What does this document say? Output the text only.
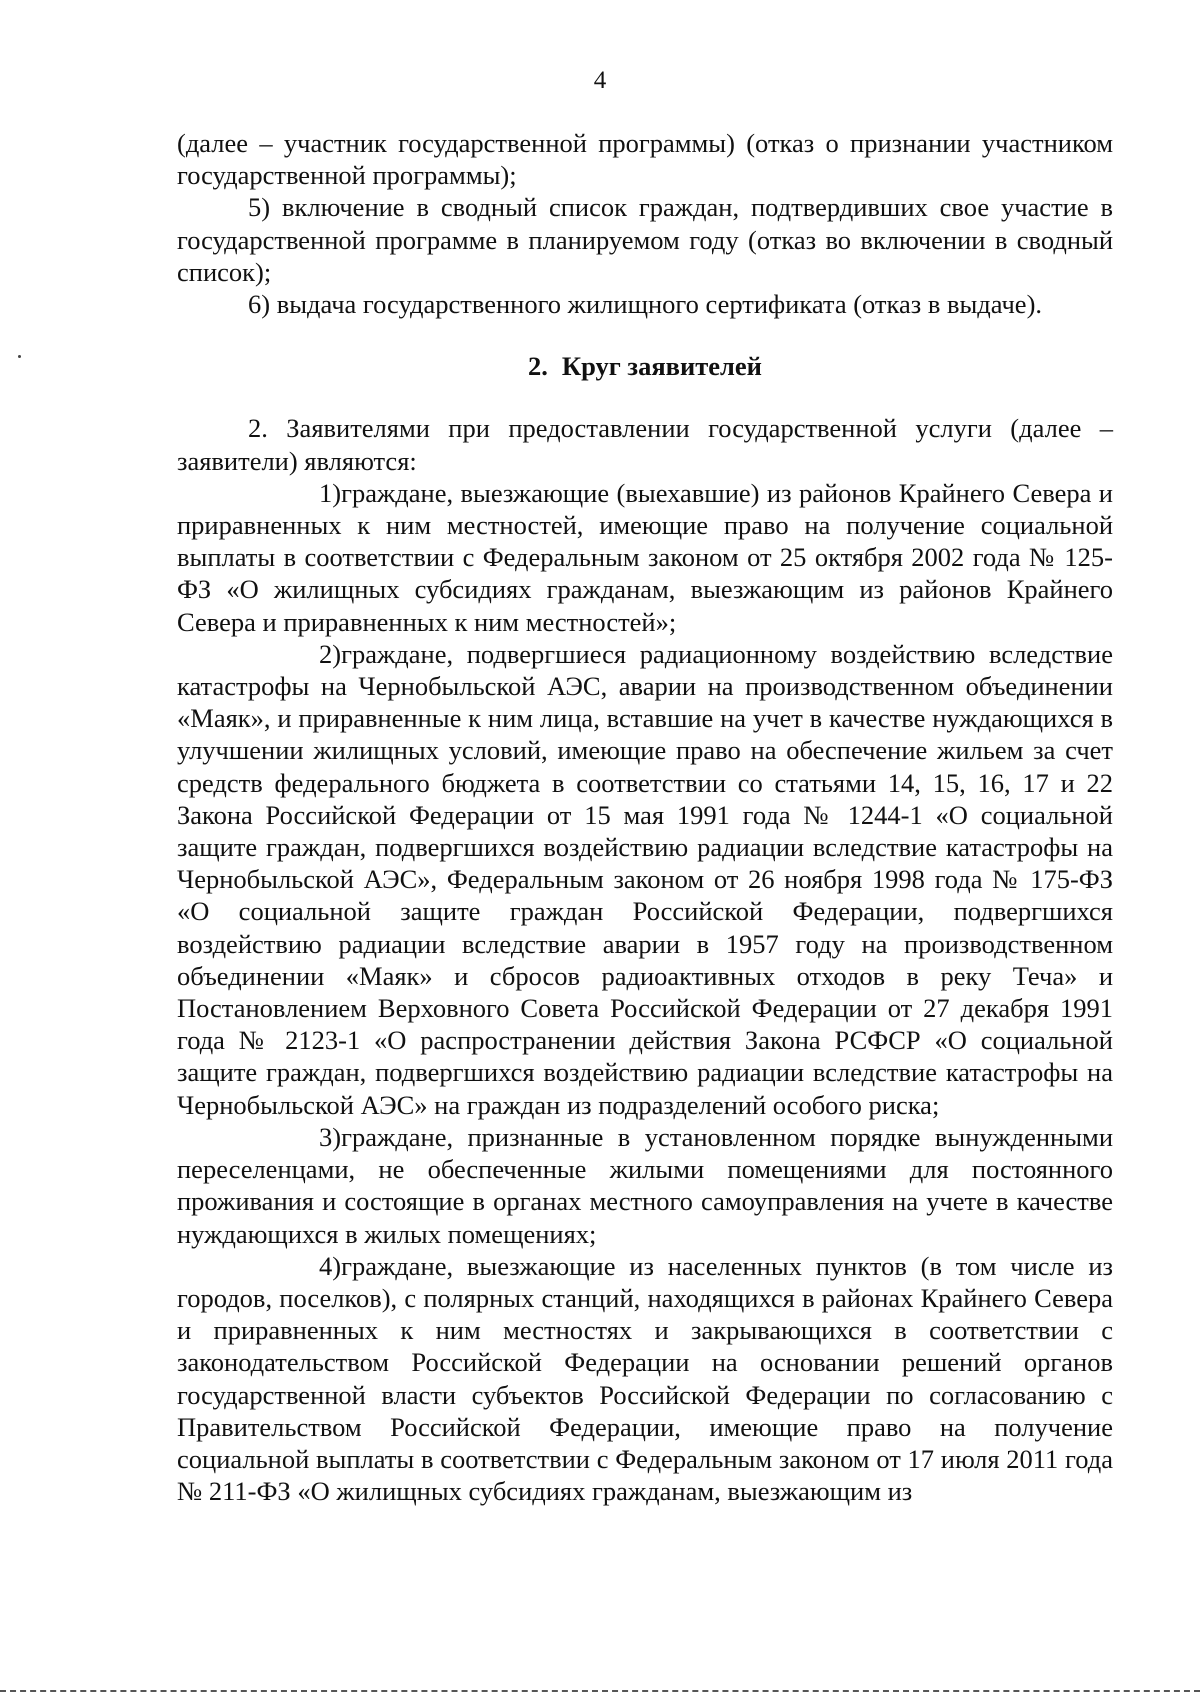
4

(далее – участник государственной программы) (отказ о признании участником государственной программы);

5) включение в сводный список граждан, подтвердивших свое участие в государственной программе в планируемом году (отказ во включении в сводный список);

6) выдача государственного жилищного сертификата (отказ в выдаче).

2. Круг заявителей

2. Заявителями при предоставлении государственной услуги (далее – заявители) являются:

1)граждане, выезжающие (выехавшие) из районов Крайнего Севера и приравненных к ним местностей, имеющие право на получение социальной выплаты в соответствии с Федеральным законом от 25 октября 2002 года № 125-ФЗ «О жилищных субсидиях гражданам, выезжающим из районов Крайнего Севера и приравненных к ним местностей»;

2)граждане, подвергшиеся радиационному воздействию вследствие катастрофы на Чернобыльской АЭС, аварии на производственном объединении «Маяк», и приравненные к ним лица, вставшие на учет в качестве нуждающихся в улучшении жилищных условий, имеющие право на обеспечение жильем за счет средств федерального бюджета в соответствии со статьями 14, 15, 16, 17 и 22 Закона Российской Федерации от 15 мая 1991 года № 1244-1 «О социальной защите граждан, подвергшихся воздействию радиации вследствие катастрофы на Чернобыльской АЭС», Федеральным законом от 26 ноября 1998 года № 175-ФЗ «О социальной защите граждан Российской Федерации, подвергшихся воздействию радиации вследствие аварии в 1957 году на производственном объединении «Маяк» и сбросов радиоактивных отходов в реку Теча» и Постановлением Верховного Совета Российской Федерации от 27 декабря 1991 года № 2123-1 «О распространении действия Закона РСФСР «О социальной защите граждан, подвергшихся воздействию радиации вследствие катастрофы на Чернобыльской АЭС» на граждан из подразделений особого риска;

3)граждане, признанные в установленном порядке вынужденными переселенцами, не обеспеченные жилыми помещениями для постоянного проживания и состоящие в органах местного самоуправления на учете в качестве нуждающихся в жилых помещениях;

4)граждане, выезжающие из населенных пунктов (в том числе из городов, поселков), с полярных станций, находящихся в районах Крайнего Севера и приравненных к ним местностях и закрывающихся в соответствии с законодательством Российской Федерации на основании решений органов государственной власти субъектов Российской Федерации по согласованию с Правительством Российской Федерации, имеющие право на получение социальной выплаты в соответствии с Федеральным законом от 17 июля 2011 года № 211-ФЗ «О жилищных субсидиях гражданам, выезжающим из
